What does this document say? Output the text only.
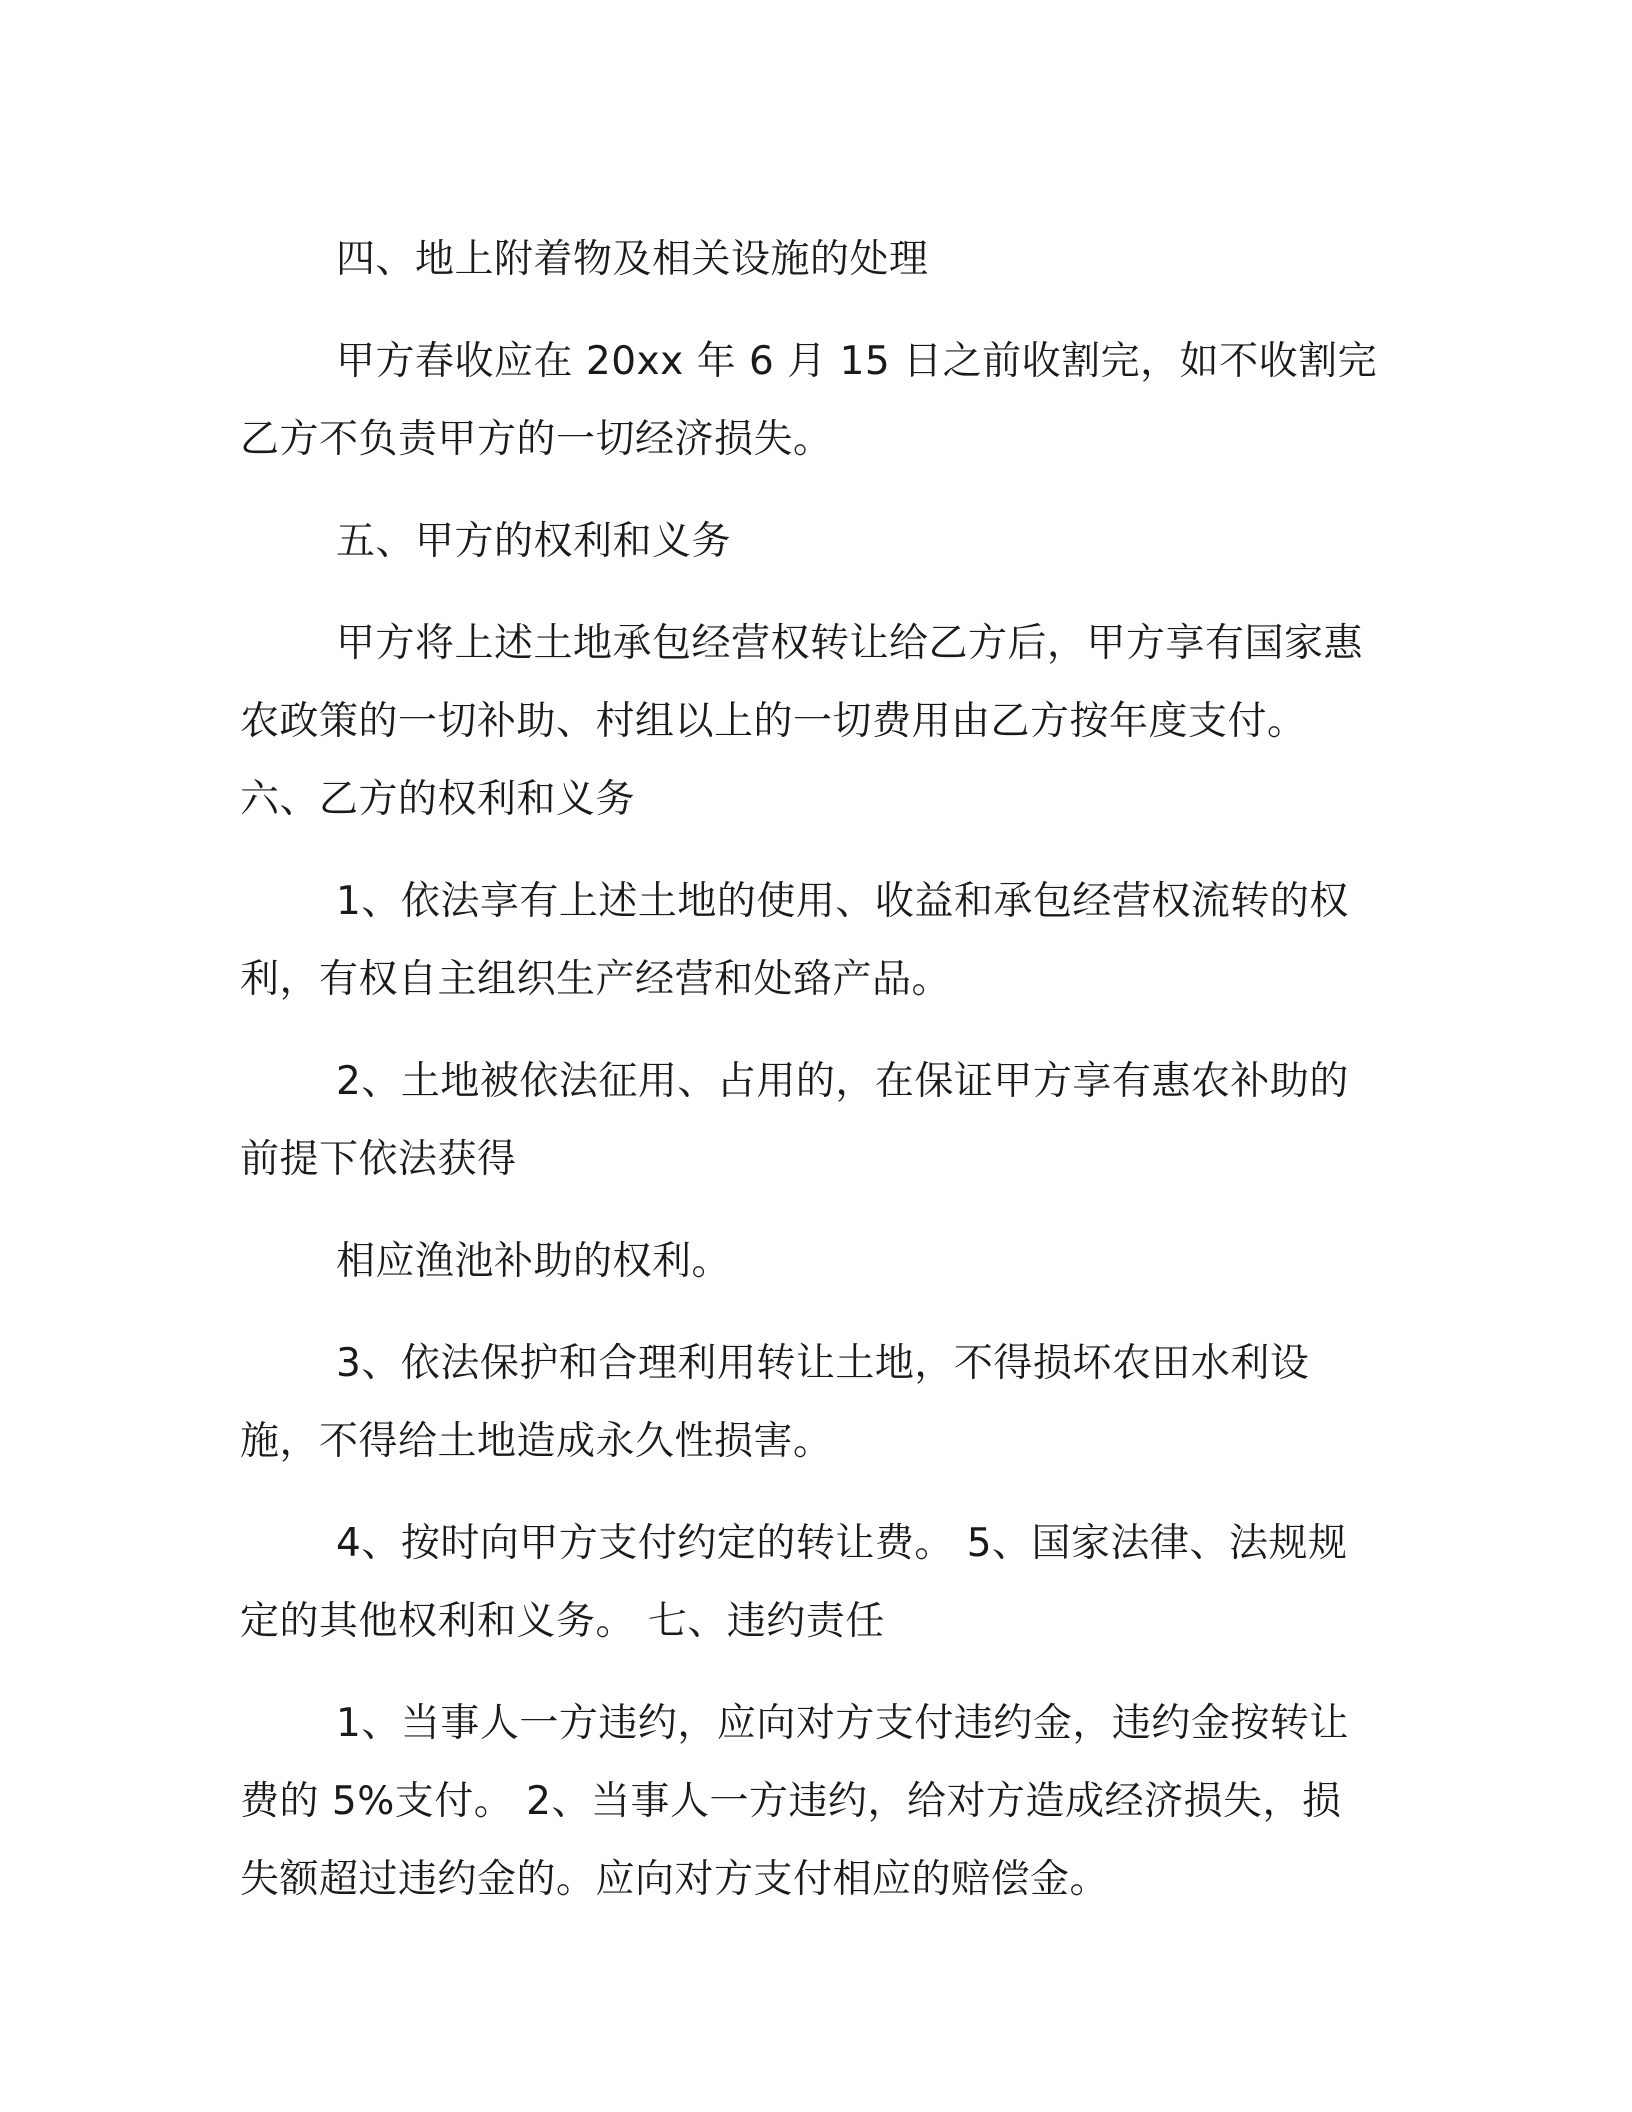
四、地上附着物及相关设施的处理

甲方春收应在 20xx 年 6 月 15 日之前收割完，如不收割完乙方不负责甲方的一切经济损失。

五、甲方的权利和义务

甲方将上述土地承包经营权转让给乙方后，甲方享有国家惠农政策的一切补助、村组以上的一切费用由乙方按年度支付。 六、乙方的权利和义务

1、依法享有上述土地的使用、收益和承包经营权流转的权利，有权自主组织生产经营和处臵产品。

2、土地被依法征用、占用的，在保证甲方享有惠农补助的前提下依法获得

相应渔池补助的权利。

3、依法保护和合理利用转让土地，不得损坏农田水利设施，不得给土地造成永久性损害。

4、按时向甲方支付约定的转让费。 5、国家法律、法规规定的其他权利和义务。 七、违约责任

1、当事人一方违约，应向对方支付违约金，违约金按转让费的 5%支付。 2、当事人一方违约，给对方造成经济损失，损失额超过违约金的。应向对方支付相应的赔偿金。
